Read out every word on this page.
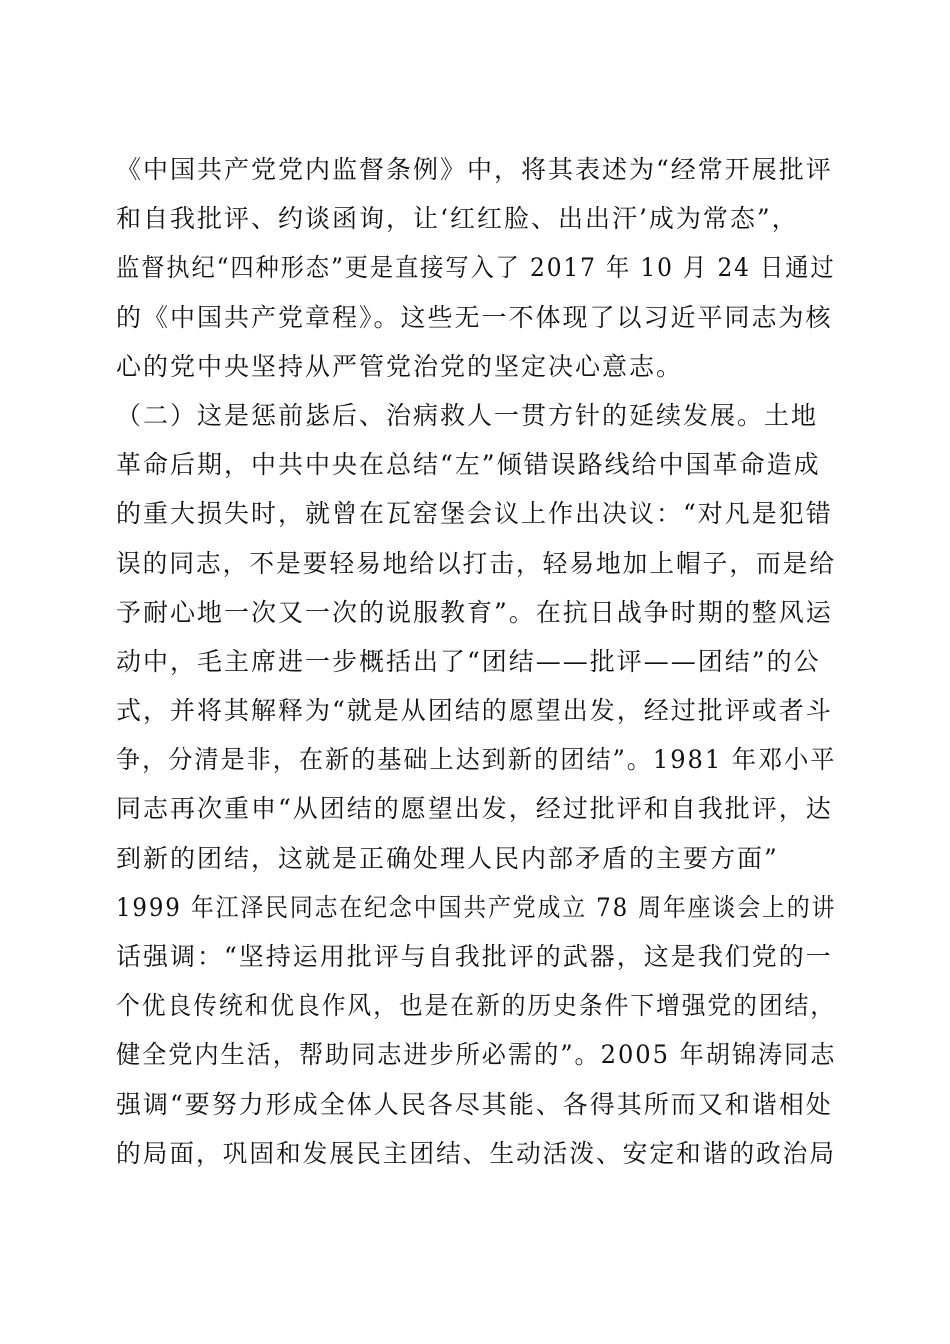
《中国共产党党内监督条例》中，将其表述为“经常开展批评
和自我批评、约谈函询，让‘红红脸、出出汗’成为常态”，
监督执纪“四种形态”更是直接写入了 2017 年 10 月 24 日通过
的《中国共产党章程》。这些无一不体现了以习近平同志为核
心的党中央坚持从严管党治党的坚定决心意志。
（二）这是惩前毖后、治病救人一贯方针的延续发展。土地
革命后期，中共中央在总结“左”倾错误路线给中国革命造成
的重大损失时，就曾在瓦窑堡会议上作出决议：“对凡是犯错
误的同志，不是要轻易地给以打击，轻易地加上帽子，而是给
予耐心地一次又一次的说服教育”。在抗日战争时期的整风运
动中，毛主席进一步概括出了“团结——批评——团结”的公
式，并将其解释为“就是从团结的愿望出发，经过批评或者斗
争，分清是非，在新的基础上达到新的团结”。1981 年邓小平
同志再次重申“从团结的愿望出发，经过批评和自我批评，达
到新的团结，这就是正确处理人民内部矛盾的主要方面”
1999 年江泽民同志在纪念中国共产党成立 78 周年座谈会上的讲
话强调：“坚持运用批评与自我批评的武器，这是我们党的一
个优良传统和优良作风，也是在新的历史条件下增强党的团结，
健全党内生活，帮助同志进步所必需的”。2005 年胡锦涛同志
强调“要努力形成全体人民各尽其能、各得其所而又和谐相处
的局面，巩固和发展民主团结、生动活泼、安定和谐的政治局
